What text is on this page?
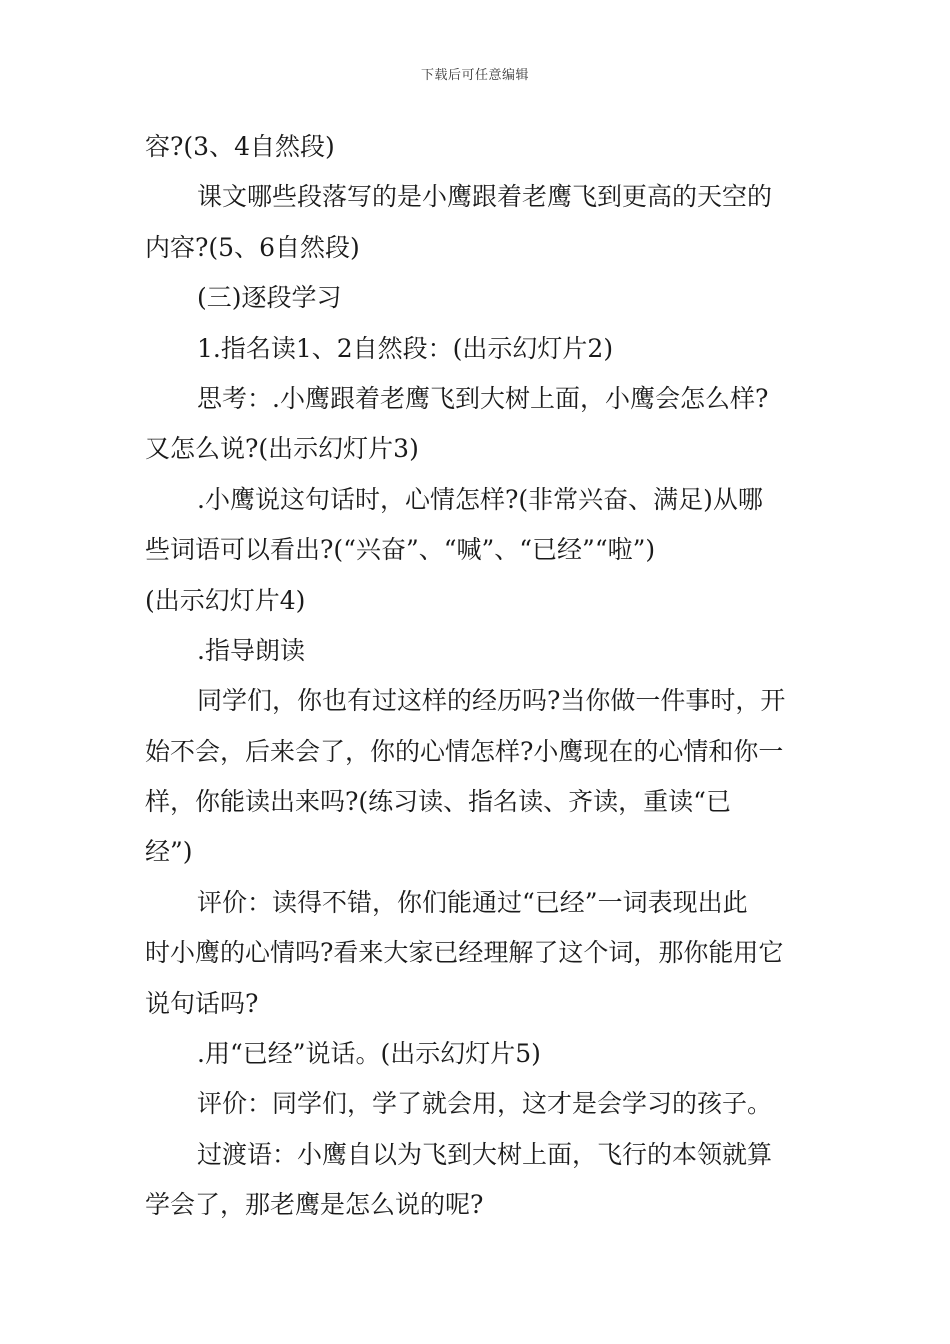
下载后可任意编辑
容?(3、4自然段)
课文哪些段落写的是小鹰跟着老鹰飞到更高的天空的
内容?(5、6自然段)
(三)逐段学习
1.指名读1、2自然段：(出示幻灯片2)
思考：.小鹰跟着老鹰飞到大树上面，小鹰会怎么样?
又怎么说?(出示幻灯片3)
.小鹰说这句话时，心情怎样?(非常兴奋、满足)从哪
些词语可以看出?(“兴奋”、“喊”、“已经”“啦”)
(出示幻灯片4)
.指导朗读
同学们，你也有过这样的经历吗?当你做一件事时，开
始不会，后来会了，你的心情怎样?小鹰现在的心情和你一
样，你能读出来吗?(练习读、指名读、齐读，重读“已
经”)
评价：读得不错，你们能通过“已经”一词表现出此
时小鹰的心情吗?看来大家已经理解了这个词，那你能用它
说句话吗?
.用“已经”说话。(出示幻灯片5)
评价：同学们，学了就会用，这才是会学习的孩子。
过渡语：小鹰自以为飞到大树上面，飞行的本领就算
学会了，那老鹰是怎么说的呢?
